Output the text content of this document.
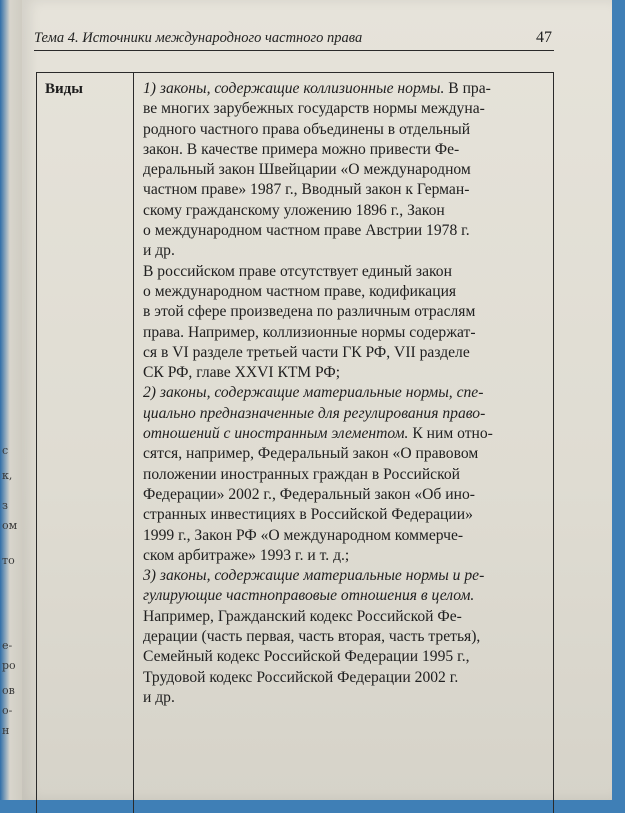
с
к,
з
ом
то
е-
ро
ов
о-
н
Тема 4. Источники международного частного права	47
Виды	1) законы, содержащие коллизионные нормы. В пра-
ве многих зарубежных государств нормы междуна-
родного частного права объединены в отдельный
закон. В качестве примера можно привести Фе-
деральный закон Швейцарии «О международном
частном праве» 1987 г., Вводный закон к Герман-
скому гражданскому уложению 1896 г., Закон
о международном частном праве Австрии 1978 г.
и др.
В российском праве отсутствует единый закон
о международном частном праве, кодификация
в этой сфере произведена по различным отраслям
права. Например, коллизионные нормы содержат-
ся в VI разделе третьей части ГК РФ, VII разделе
СК РФ, главе XXVI КТМ РФ;
2) законы, содержащие материальные нормы, спе-
циально предназначенные для регулирования право-
отношений с иностранным элементом. К ним отно-
сятся, например, Федеральный закон «О правовом
положении иностранных граждан в Российской
Федерации» 2002 г., Федеральный закон «Об ино-
странных инвестициях в Российской Федерации»
1999 г., Закон РФ «О международном коммерче-
ском арбитраже» 1993 г. и т. д.;
3) законы, содержащие материальные нормы и ре-
гулирующие частноправовые отношения в целом.
Например, Гражданский кодекс Российской Фе-
дерации (часть первая, часть вторая, часть третья),
Семейный кодекс Российской Федерации 1995 г.,
Трудовой кодекс Российской Федерации 2002 г.
и др.
